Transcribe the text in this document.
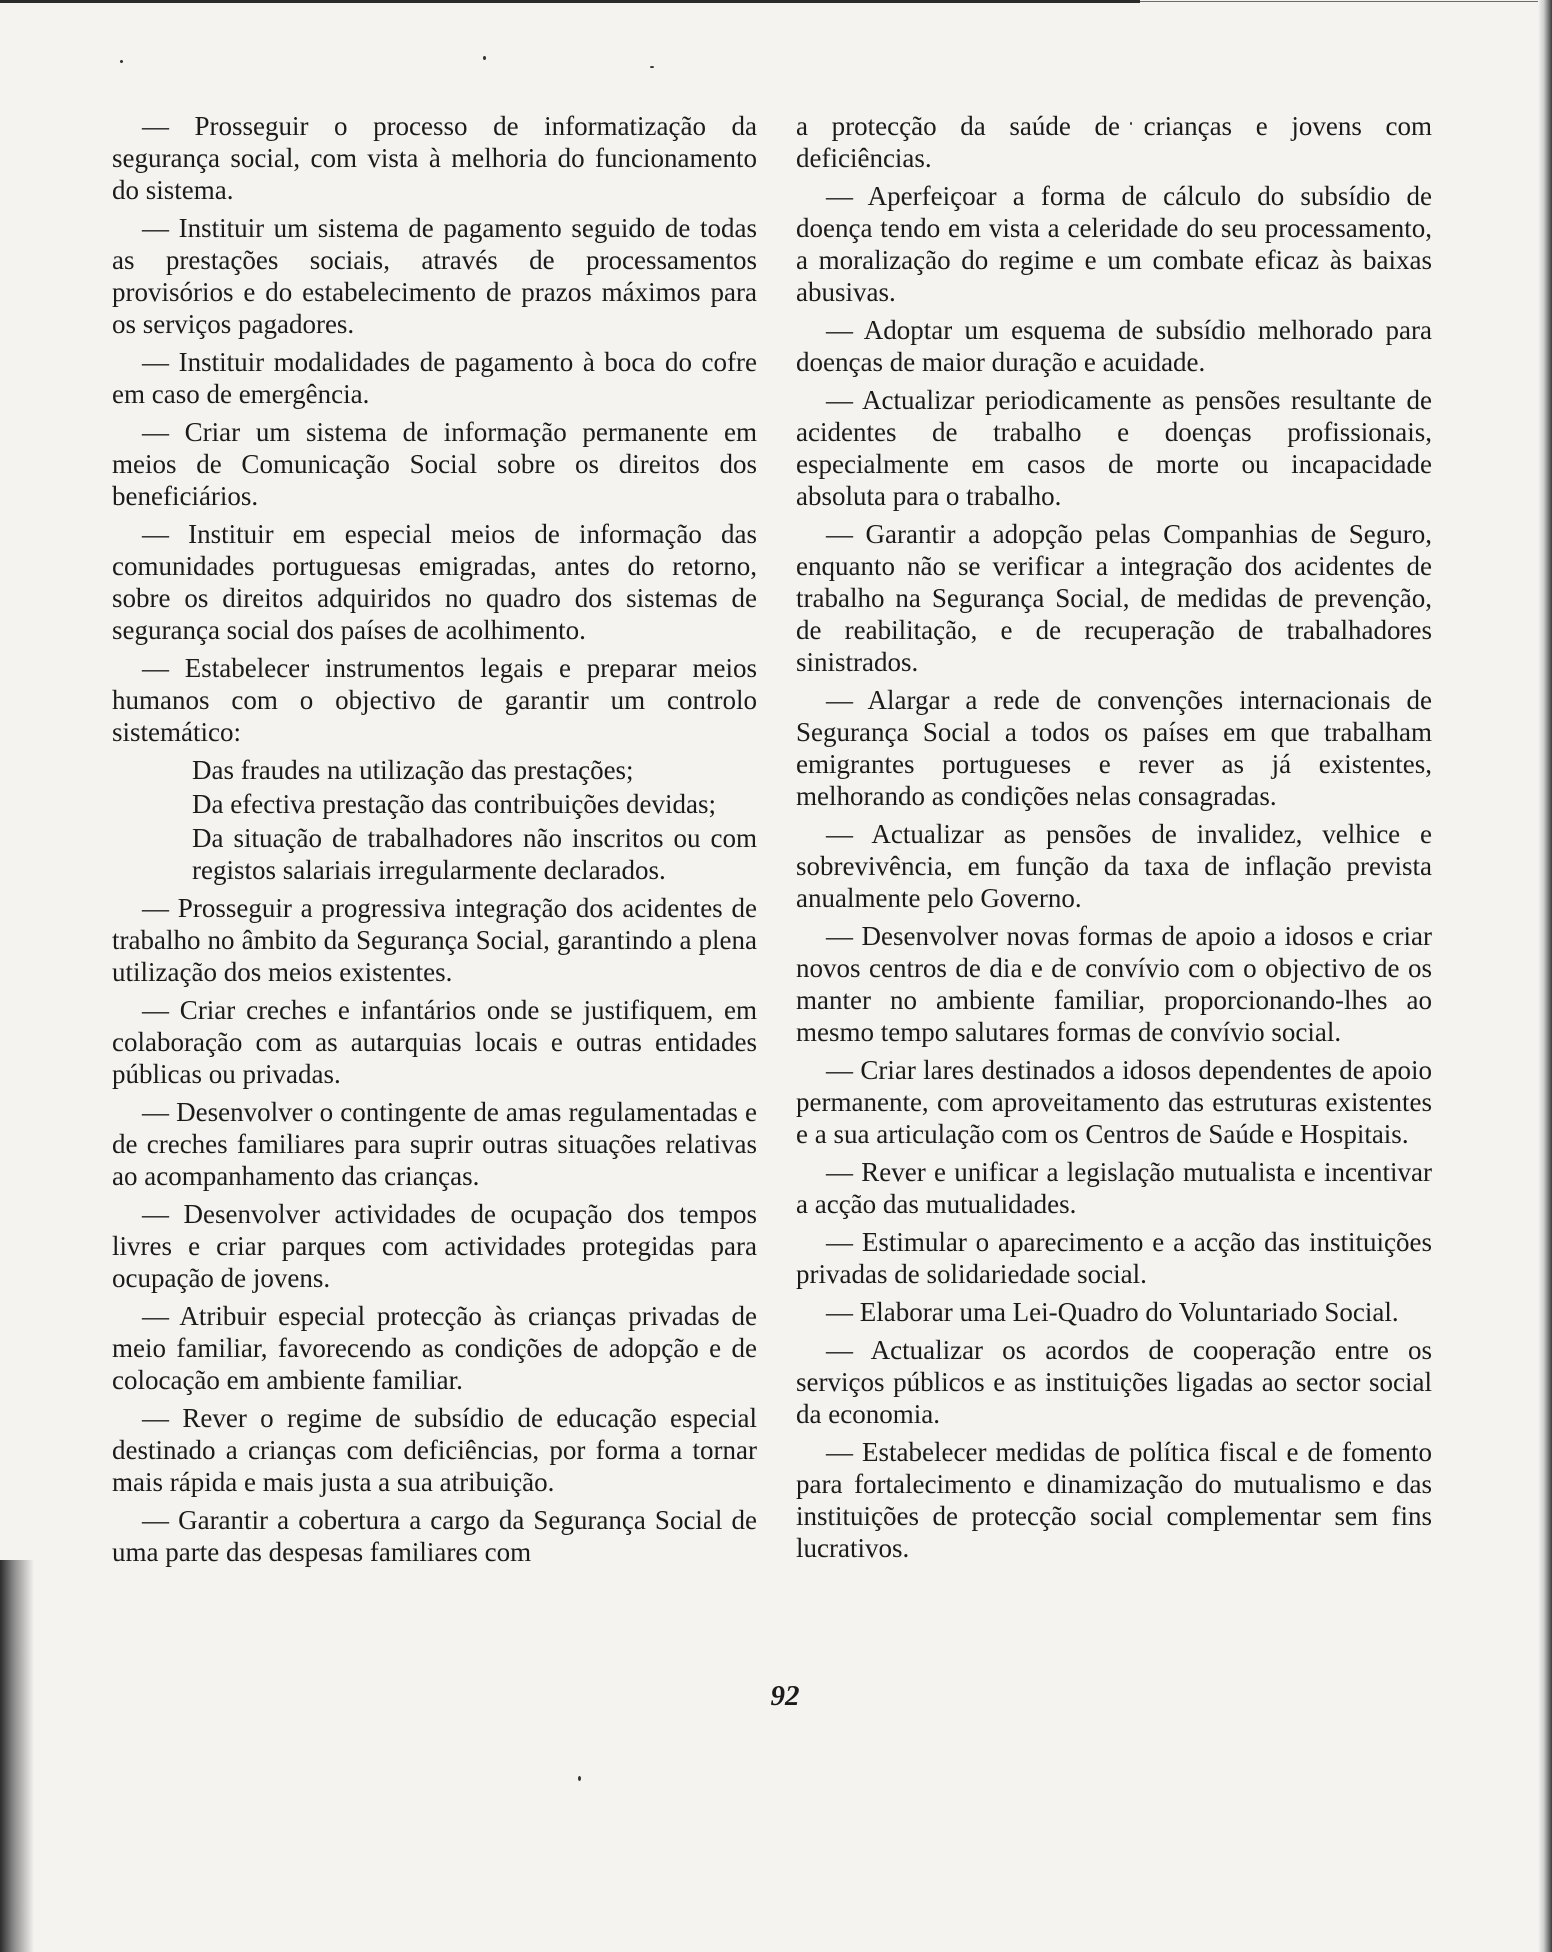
— Prosseguir o processo de informatização da segurança social, com vista à melhoria do funcionamento do sistema.

— Instituir um sistema de pagamento seguido de todas as prestações sociais, através de processamentos provisórios e do estabelecimento de prazos máximos para os serviços pagadores.

— Instituir modalidades de pagamento à boca do cofre em caso de emergência.

— Criar um sistema de informação permanente em meios de Comunicação Social sobre os direitos dos beneficiários.

— Instituir em especial meios de informação das comunidades portuguesas emigradas, antes do retorno, sobre os direitos adquiridos no quadro dos sistemas de segurança social dos países de acolhimento.

— Estabelecer instrumentos legais e preparar meios humanos com o objectivo de garantir um controlo sistemático:

Das fraudes na utilização das prestações;

Da efectiva prestação das contribuições devidas;

Da situação de trabalhadores não inscritos ou com registos salariais irregularmente declarados.

— Prosseguir a progressiva integração dos acidentes de trabalho no âmbito da Segurança Social, garantindo a plena utilização dos meios existentes.

— Criar creches e infantários onde se justifiquem, em colaboração com as autarquias locais e outras entidades públicas ou privadas.

— Desenvolver o contingente de amas regulamentadas e de creches familiares para suprir outras situações relativas ao acompanhamento das crianças.

— Desenvolver actividades de ocupação dos tempos livres e criar parques com actividades protegidas para ocupação de jovens.

— Atribuir especial protecção às crianças privadas de meio familiar, favorecendo as condições de adopção e de colocação em ambiente familiar.

— Rever o regime de subsídio de educação especial destinado a crianças com deficiências, por forma a tornar mais rápida e mais justa a sua atribuição.

— Garantir a cobertura a cargo da Segurança Social de uma parte das despesas familiares com

a protecção da saúde de crianças e jovens com deficiências.

— Aperfeiçoar a forma de cálculo do subsídio de doença tendo em vista a celeridade do seu processamento, a moralização do regime e um combate eficaz às baixas abusivas.

— Adoptar um esquema de subsídio melhorado para doenças de maior duração e acuidade.

— Actualizar periodicamente as pensões resultante de acidentes de trabalho e doenças profissionais, especialmente em casos de morte ou incapacidade absoluta para o trabalho.

— Garantir a adopção pelas Companhias de Seguro, enquanto não se verificar a integração dos acidentes de trabalho na Segurança Social, de medidas de prevenção, de reabilitação, e de recuperação de trabalhadores sinistrados.

— Alargar a rede de convenções internacionais de Segurança Social a todos os países em que trabalham emigrantes portugueses e rever as já existentes, melhorando as condições nelas consagradas.

— Actualizar as pensões de invalidez, velhice e sobrevivência, em função da taxa de inflação prevista anualmente pelo Governo.

— Desenvolver novas formas de apoio a idosos e criar novos centros de dia e de convívio com o objectivo de os manter no ambiente familiar, proporcionando-lhes ao mesmo tempo salutares formas de convívio social.

— Criar lares destinados a idosos dependentes de apoio permanente, com aproveitamento das estruturas existentes e a sua articulação com os Centros de Saúde e Hospitais.

— Rever e unificar a legislação mutualista e incentivar a acção das mutualidades.

— Estimular o aparecimento e a acção das instituições privadas de solidariedade social.

— Elaborar uma Lei-Quadro do Voluntariado Social.

— Actualizar os acordos de cooperação entre os serviços públicos e as instituições ligadas ao sector social da economia.

— Estabelecer medidas de política fiscal e de fomento para fortalecimento e dinamização do mutualismo e das instituições de protecção social complementar sem fins lucrativos.

92
